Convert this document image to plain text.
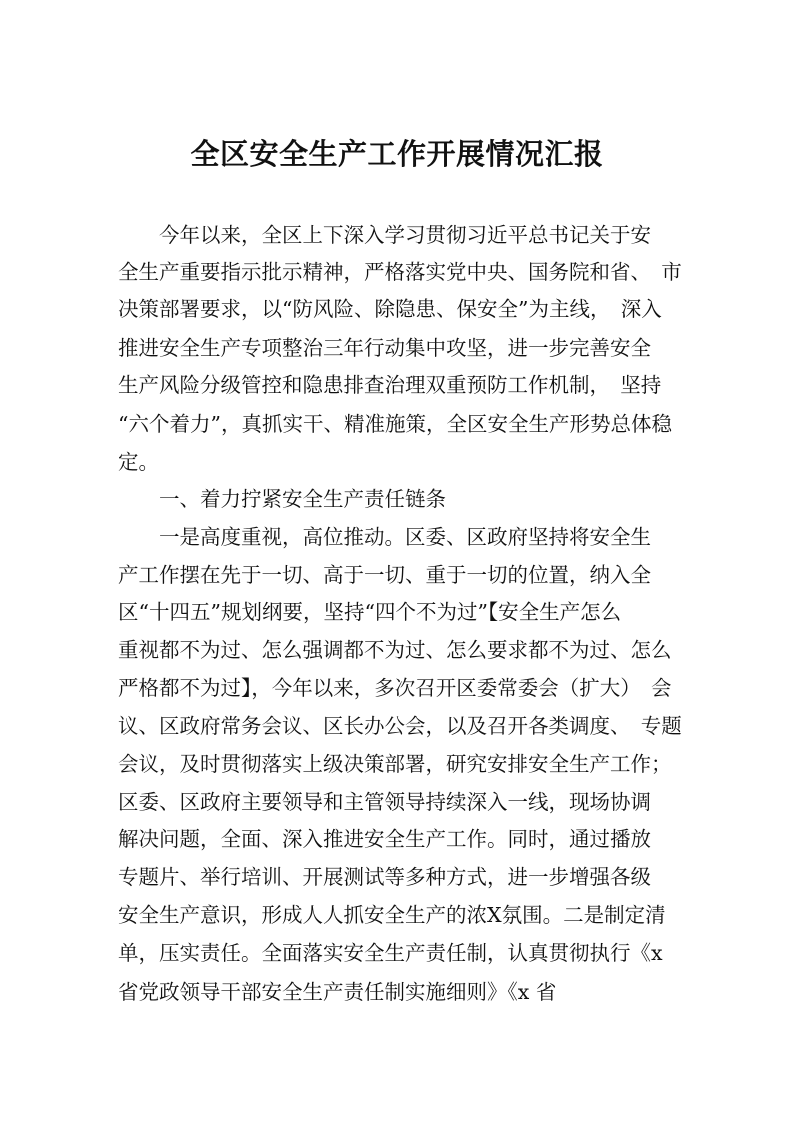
全区安全生产工作开展情况汇报
　　今年以来，全区上下深入学习贯彻习近平总书记关于安
全生产重要指示批示精神，严格落实党中央、国务院和省、　市
决策部署要求，以“防风险、除隐患、保安全”为主线，　深入
推进安全生产专项整治三年行动集中攻坚，进一步完善安全
生产风险分级管控和隐患排查治理双重预防工作机制，　坚持
“六个着力”，真抓实干、精准施策，全区安全生产形势总体稳
定。
　　一、着力拧紧安全生产责任链条
　　一是高度重视，高位推动。区委、区政府坚持将安全生
产工作摆在先于一切、高于一切、重于一切的位置，纳入全
区“十四五”规划纲要，坚持“四个不为过”【安全生产怎么
重视都不为过、怎么强调都不为过、怎么要求都不为过、怎么
严格都不为过】，今年以来，多次召开区委常委会（扩大）　会
议、区政府常务会议、区长办公会，以及召开各类调度、　专题
会议，及时贯彻落实上级决策部署，研究安排安全生产工作；
区委、区政府主要领导和主管领导持续深入一线，现场协调
解决问题，全面、深入推进安全生产工作。同时，通过播放
专题片、举行培训、开展测试等多种方式，进一步增强各级
安全生产意识，形成人人抓安全生产的浓X氛围。二是制定清
单，压实责任。全面落实安全生产责任制，认真贯彻执行《x
省党政领导干部安全生产责任制实施细则》《x 省
